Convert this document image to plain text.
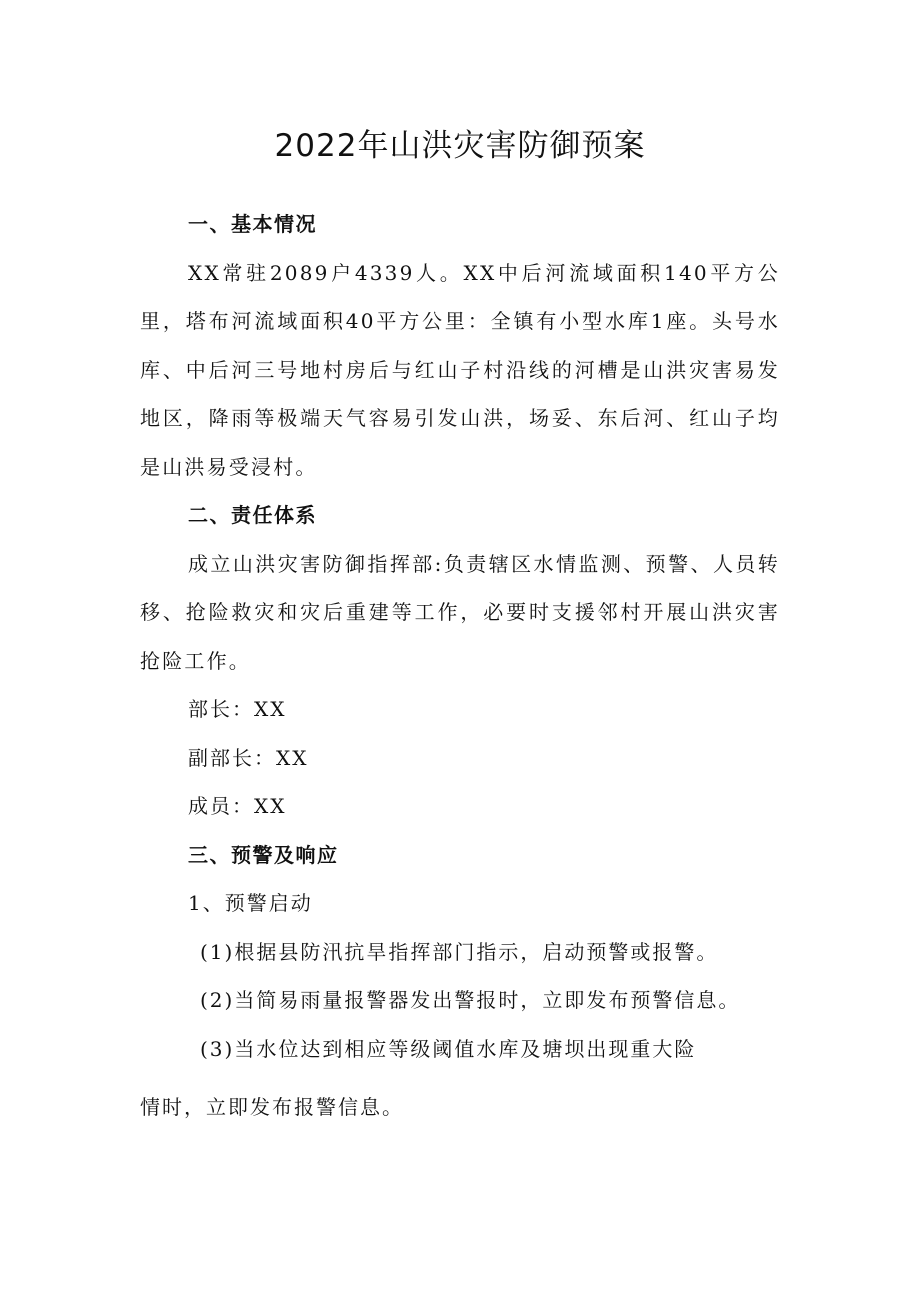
2022年山洪灾害防御预案

一、基本情况

XX常驻2089户4339人。XX中后河流域面积140平方公里，塔布河流域面积40平方公里：全镇有小型水库1座。头号水库、中后河三号地村房后与红山子村沿线的河槽是山洪灾害易发地区，降雨等极端天气容易引发山洪，场妥、东后河、红山子均是山洪易受浸村。

二、责任体系

成立山洪灾害防御指挥部:负责辖区水情监测、预警、人员转移、抢险救灾和灾后重建等工作，必要时支援邻村开展山洪灾害抢险工作。

部长：XX

副部长：XX

成员：XX

三、预警及响应

1、预警启动

(1)根据县防汛抗旱指挥部门指示，启动预警或报警。

(2)当简易雨量报警器发出警报时，立即发布预警信息。

(3)当水位达到相应等级阈值水库及塘坝出现重大险

情时，立即发布报警信息。
